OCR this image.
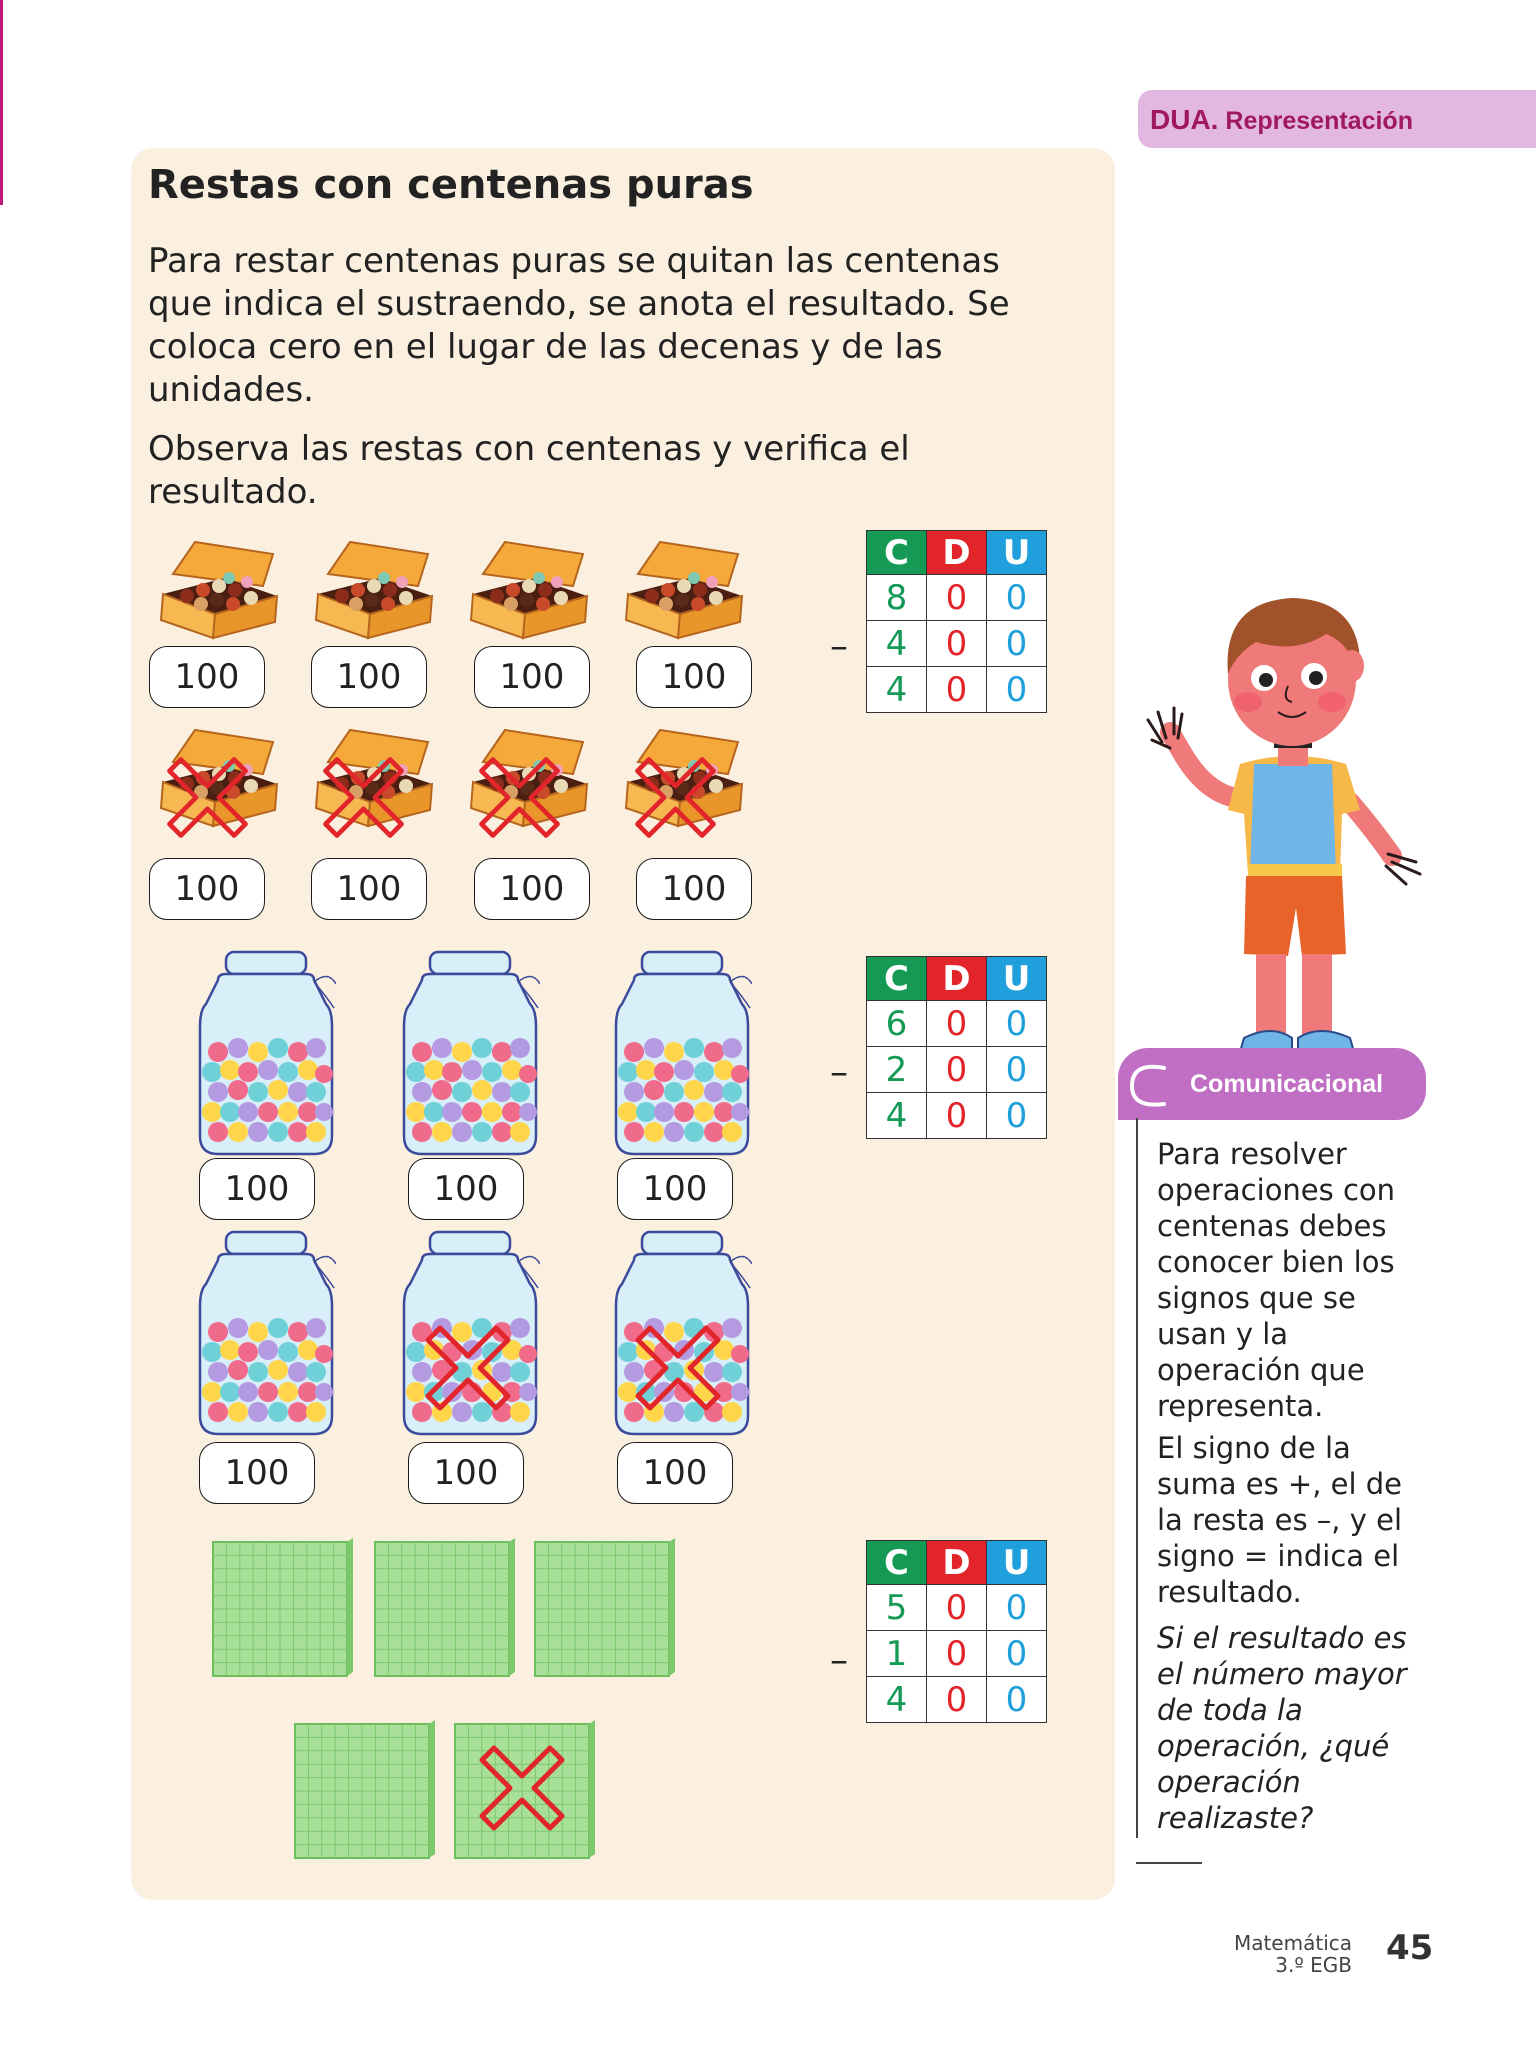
DUA. Representación
Restas con centenas puras
Para restar centenas puras se quitan las centenas que indica el sustraendo, se anota el resultado. Se coloca cero en el lugar de las decenas y de las unidades.
Observa las restas con centenas y verifica el resultado.
100	100	100	100
100	100	100	100
–
C	D	U
8	0	0
4	0	0
4	0	0
100	100	100
100	100	100
–
C	D	U
6	0	0
2	0	0
4	0	0
–
C	D	U
5	0	0
1	0	0
4	0	0
Comunicacional
Para resolver operaciones con centenas debes conocer bien los signos que se usan y la operación que representa.
El signo de la suma es +, el de la resta es –, y el signo = indica el resultado.
Si el resultado es el número mayor de toda la operación, ¿qué operación realizaste?
Matemática
3.º EGB 45
